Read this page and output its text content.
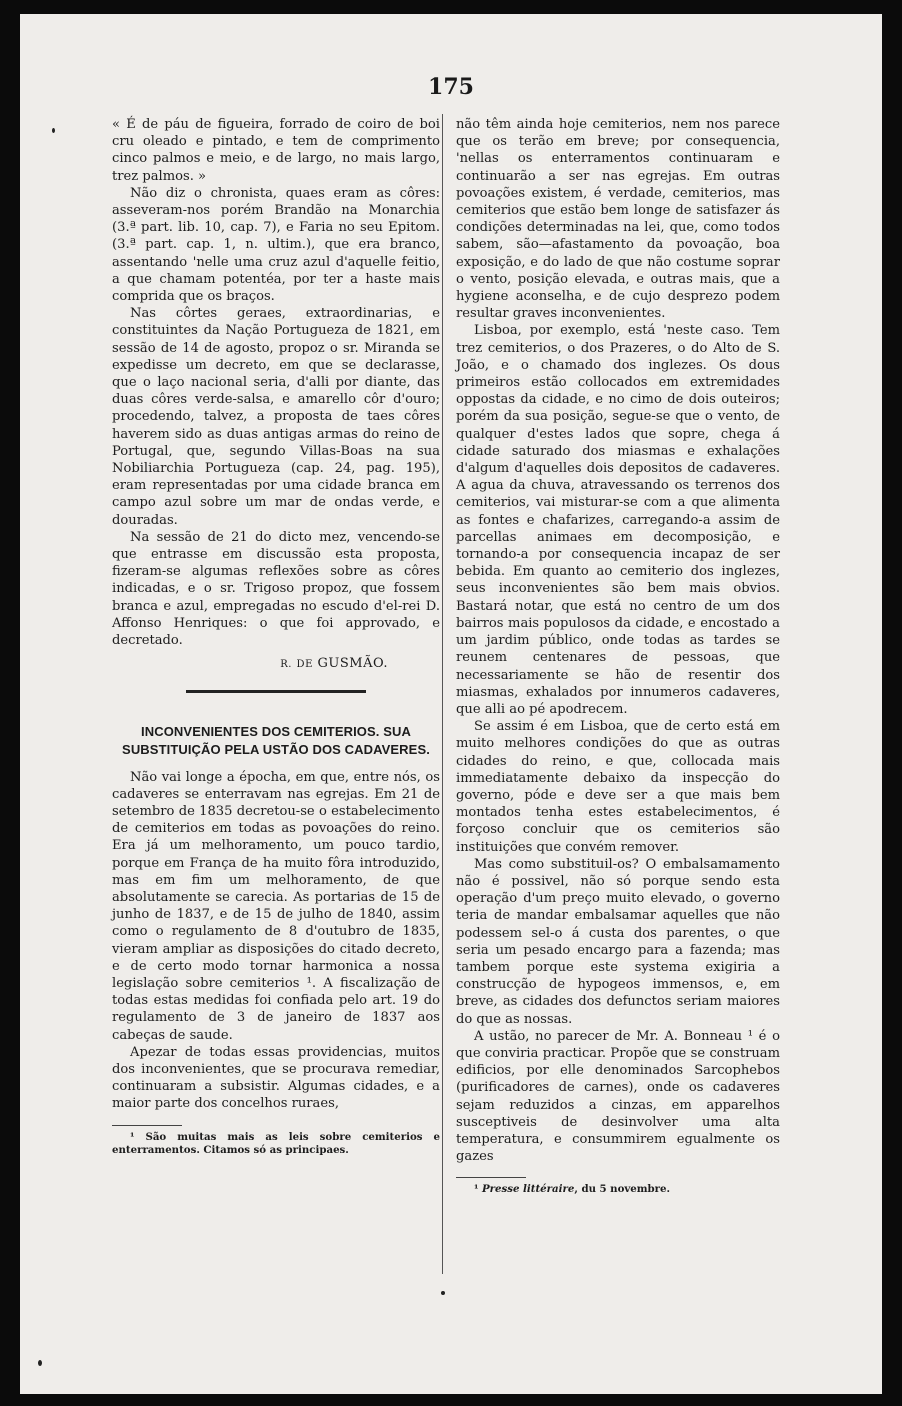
175

« É de páu de figueira, forrado de coiro de boi cru oleado e pintado, e tem de comprimento cinco palmos e meio, e de largo, no mais largo, trez palmos. »

Não diz o chronista, quaes eram as côres: asseveram-nos porém Brandão na Monarchia (3.ª part. lib. 10, cap. 7), e Faria no seu Epitom. (3.ª part. cap. 1, n. ultim.), que era branco, assentando 'nelle uma cruz azul d'aquelle feitio, a que chamam potentéa, por ter a haste mais comprida que os braços.

Nas côrtes geraes, extraordinarias, e constituintes da Nação Portugueza de 1821, em sessão de 14 de agosto, propoz o sr. Miranda se expedisse um decreto, em que se declarasse, que o laço nacional seria, d'alli por diante, das duas côres verde-salsa, e amarello côr d'ouro; procedendo, talvez, a proposta de taes côres haverem sido as duas antigas armas do reino de Portugal, que, segundo Villas-Boas na sua Nobiliarchia Portugueza (cap. 24, pag. 195), eram representadas por uma cidade branca em campo azul sobre um mar de ondas verde, e douradas.

Na sessão de 21 do dicto mez, vencendo-se que entrasse em discussão esta proposta, fizeram-se algumas reflexões sobre as côres indicadas, e o sr. Trigoso propoz, que fossem branca e azul, empregadas no escudo d'el-rei D. Affonso Henriques: o que foi approvado, e decretado.

R. DE GUSMÃO.
INCONVENIENTES DOS CEMITERIOS. SUA SUBSTITUIÇÃO PELA USTÃO DOS CADAVERES.

Não vai longe a épocha, em que, entre nós, os cadaveres se enterravam nas egrejas. Em 21 de setembro de 1835 decretou-se o estabelecimento de cemiterios em todas as povoações do reino. Era já um melhoramento, um pouco tardio, porque em França de ha muito fôra introduzido, mas em fim um melhoramento, de que absolutamente se carecia. As portarias de 15 de junho de 1837, e de 15 de julho de 1840, assim como o regulamento de 8 d'outubro de 1835, vieram ampliar as disposições do citado decreto, e de certo modo tornar harmonica a nossa legislação sobre cemiterios ¹. A fiscalização de todas estas medidas foi confiada pelo art. 19 do regulamento de 3 de janeiro de 1837 aos cabeças de saude.

Apezar de todas essas providencias, muitos dos inconvenientes, que se procurava remediar, continuaram a subsistir. Algumas cidades, e a maior parte dos concelhos ruraes,

¹ São muitas mais as leis sobre cemiterios e enterramentos. Citamos só as principaes.

não têm ainda hoje cemiterios, nem nos parece que os terão em breve; por consequencia, 'nellas os enterramentos continuaram e continuarão a ser nas egrejas. Em outras povoações existem, é verdade, cemiterios, mas cemiterios que estão bem longe de satisfazer ás condições determinadas na lei, que, como todos sabem, são—afastamento da povoação, boa exposição, e do lado de que não costume soprar o vento, posição elevada, e outras mais, que a hygiene aconselha, e de cujo desprezo podem resultar graves inconvenientes.

Lisboa, por exemplo, está 'neste caso. Tem trez cemiterios, o dos Prazeres, o do Alto de S. João, e o chamado dos inglezes. Os dous primeiros estão collocados em extremidades oppostas da cidade, e no cimo de dois outeiros; porém da sua posição, segue-se que o vento, de qualquer d'estes lados que sopre, chega á cidade saturado dos miasmas e exhalações d'algum d'aquelles dois depositos de cadaveres. A agua da chuva, atravessando os terrenos dos cemiterios, vai misturar-se com a que alimenta as fontes e chafarizes, carregando-a assim de parcellas animaes em decomposição, e tornando-a por consequencia incapaz de ser bebida. Em quanto ao cemiterio dos inglezes, seus inconvenientes são bem mais obvios. Bastará notar, que está no centro de um dos bairros mais populosos da cidade, e encostado a um jardim público, onde todas as tardes se reunem centenares de pessoas, que necessariamente se hão de resentir dos miasmas, exhalados por innumeros cadaveres, que alli ao pé apodrecem.

Se assim é em Lisboa, que de certo está em muito melhores condições do que as outras cidades do reino, e que, collocada mais immediatamente debaixo da inspecção do governo, póde e deve ser a que mais bem montados tenha estes estabelecimentos, é forçoso concluir que os cemiterios são instituições que convém remover.

Mas como substituil-os? O embalsamamento não é possivel, não só porque sendo esta operação d'um preço muito elevado, o governo teria de mandar embalsamar aquelles que não podessem sel-o á custa dos parentes, o que seria um pesado encargo para a fazenda; mas tambem porque este systema exigiria a construcção de hypogeos immensos, e, em breve, as cidades dos defunctos seriam maiores do que as nossas.

A ustão, no parecer de Mr. A. Bonneau ¹ é o que conviria practicar. Propõe que se construam edificios, por elle denominados Sarcophebos (purificadores de carnes), onde os cadaveres sejam reduzidos a cinzas, em apparelhos susceptiveis de desinvolver uma alta temperatura, e consummirem egualmente os gazes

¹ Presse littéraire, du 5 novembre.
